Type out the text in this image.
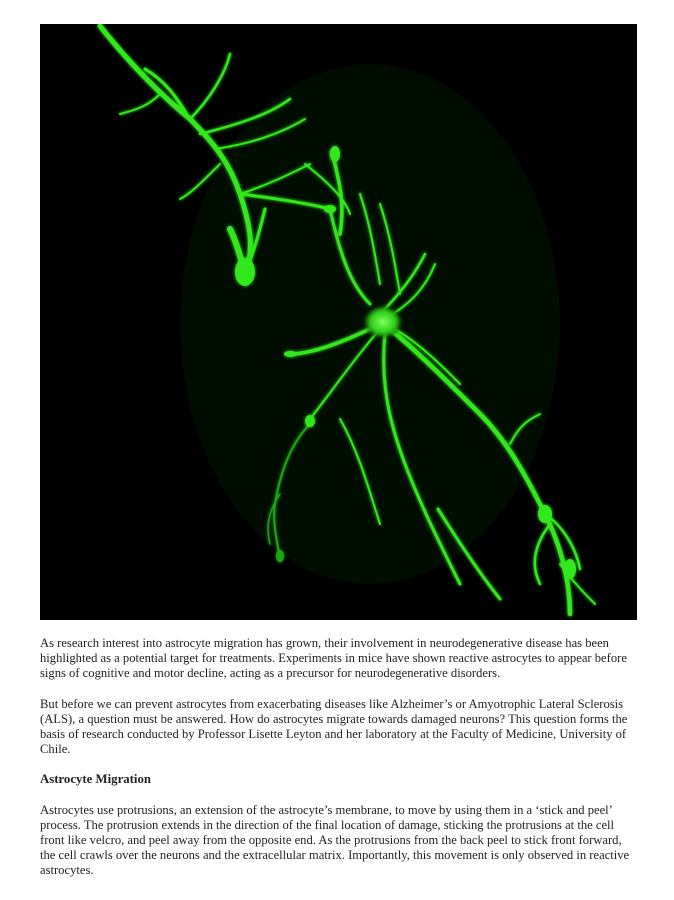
As research interest into astrocyte migration has grown, their involvement in neurodegenerative disease has been highlighted as a potential target for treatments. Experiments in mice have shown reactive astrocytes to appear before signs of cognitive and motor decline, acting as a precursor for neurodegenerative disorders.

But before we can prevent astrocytes from exacerbating diseases like Alzheimer’s or Amyotrophic Lateral Sclerosis (ALS), a question must be answered. How do astrocytes migrate towards damaged neurons? This question forms the basis of research conducted by Professor Lisette Leyton and her laboratory at the Faculty of Medicine, University of Chile.

Astrocyte Migration

Astrocytes use protrusions, an extension of the astrocyte’s membrane, to move by using them in a ‘stick and peel’ process. The protrusion extends in the direction of the final location of damage, sticking the protrusions at the cell front like velcro, and peel away from the opposite end. As the protrusions from the back peel to stick front forward, the cell crawls over the neurons and the extracellular matrix. Importantly, this movement is only observed in reactive astrocytes.
